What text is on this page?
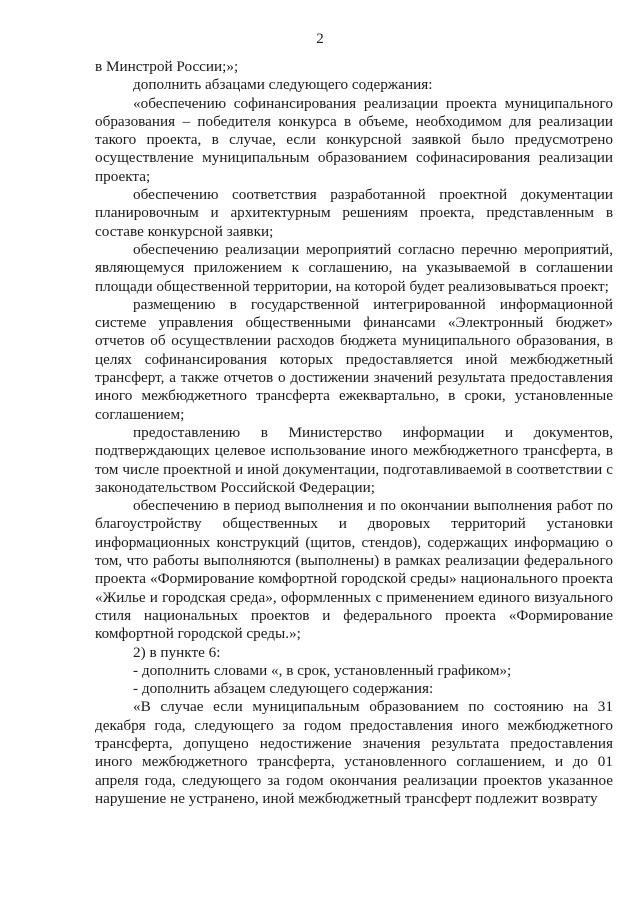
2

в Минстрой России;»;

дополнить абзацами следующего содержания:

«обеспечению софинансирования реализации проекта муниципального образования – победителя конкурса в объеме, необходимом для реализации такого проекта, в случае, если конкурсной заявкой было предусмотрено осуществление муниципальным образованием софинасирования реализации проекта;

обеспечению соответствия разработанной проектной документации планировочным и архитектурным решениям проекта, представленным в составе конкурсной заявки;

обеспечению реализации мероприятий согласно перечню мероприятий, являющемуся приложением к соглашению, на указываемой в соглашении площади общественной территории, на которой будет реализовываться проект;

размещению в государственной интегрированной информационной системе управления общественными финансами «Электронный бюджет» отчетов об осуществлении расходов бюджета муниципального образования, в целях софинансирования которых предоставляется иной межбюджетный трансферт, а также отчетов о достижении значений результата предоставления иного межбюджетного трансферта ежеквартально, в сроки, установленные соглашением;

предоставлению в Министерство информации и документов, подтверждающих целевое использование иного межбюджетного трансферта, в том числе проектной и иной документации, подготавливаемой в соответствии с законодательством Российской Федерации;

обеспечению в период выполнения и по окончании выполнения работ по благоустройству общественных и дворовых территорий установки информационных конструкций (щитов, стендов), содержащих информацию о том, что работы выполняются (выполнены) в рамках реализации федерального проекта «Формирование комфортной городской среды» национального проекта «Жилье и городская среда», оформленных с применением единого визуального стиля национальных проектов и федерального проекта «Формирование комфортной городской среды.»;

2) в пункте 6:

- дополнить словами «, в срок, установленный графиком»;

- дополнить абзацем следующего содержания:

«В случае если муниципальным образованием по состоянию на 31 декабря года, следующего за годом предоставления иного межбюджетного трансферта, допущено недостижение значения результата предоставления иного межбюджетного трансферта, установленного соглашением, и до 01 апреля года, следующего за годом окончания реализации проектов указанное нарушение не устранено, иной межбюджетный трансферт подлежит возврату
